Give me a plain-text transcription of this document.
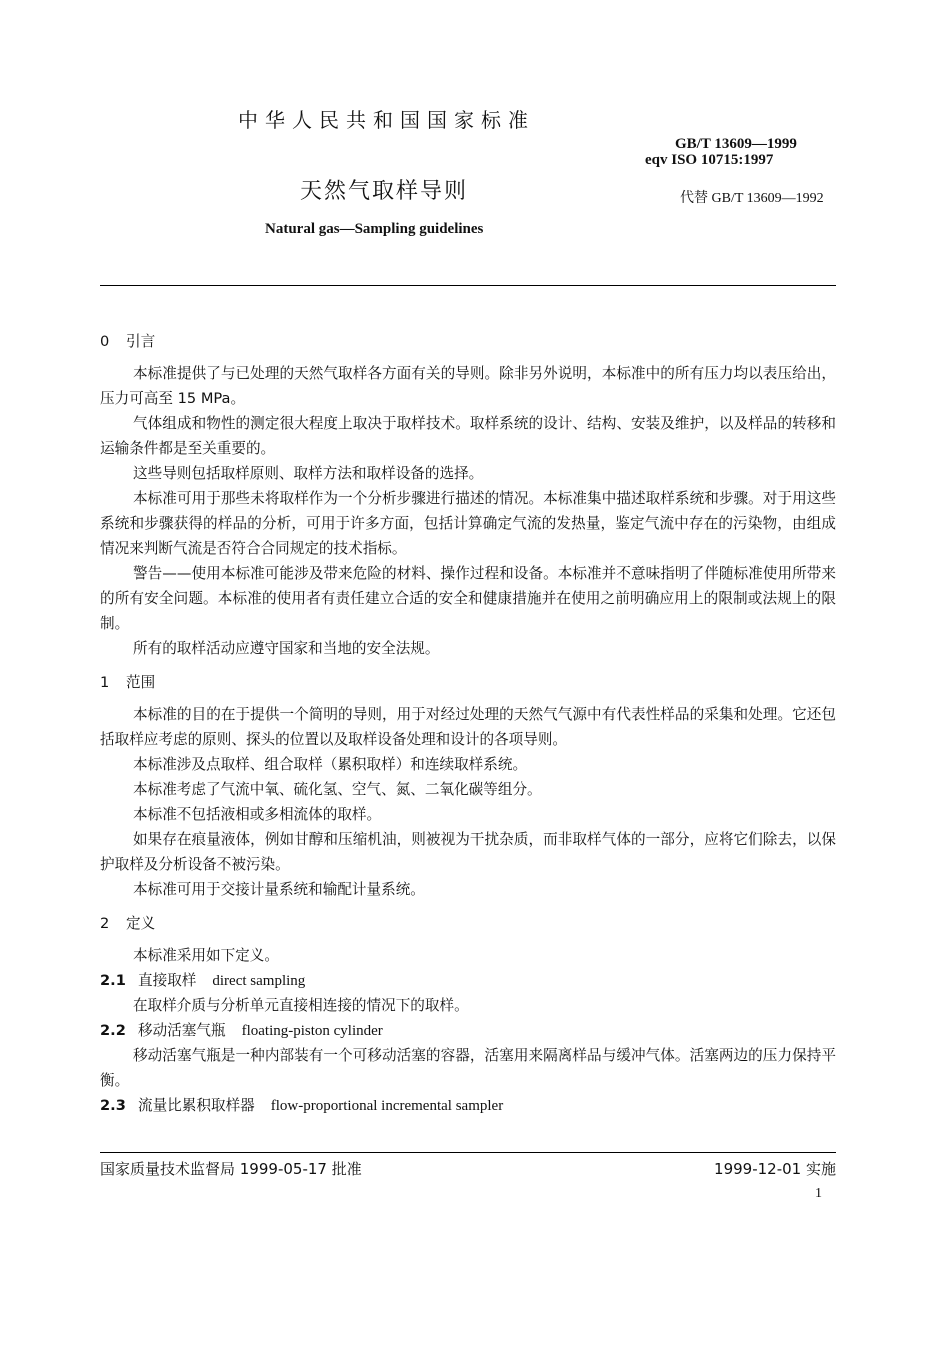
中华人民共和国国家标准
GB/T 13609—1999
eqv ISO 10715:1997
天然气取样导则	代替 GB/T 13609—1992
Natural gas—Sampling guidelines
0 引言

本标准提供了与已处理的天然气取样各方面有关的导则。除非另外说明，本标准中的所有压力均以表压给出，压力可高至 15 MPa。

气体组成和物性的测定很大程度上取决于取样技术。取样系统的设计、结构、安装及维护，以及样品的转移和运输条件都是至关重要的。

这些导则包括取样原则、取样方法和取样设备的选择。

本标准可用于那些未将取样作为一个分析步骤进行描述的情况。本标准集中描述取样系统和步骤。对于用这些系统和步骤获得的样品的分析，可用于许多方面，包括计算确定气流的发热量，鉴定气流中存在的污染物，由组成情况来判断气流是否符合合同规定的技术指标。

警告——使用本标准可能涉及带来危险的材料、操作过程和设备。本标准并不意味指明了伴随标准使用所带来的所有安全问题。本标准的使用者有责任建立合适的安全和健康措施并在使用之前明确应用上的限制或法规上的限制。

所有的取样活动应遵守国家和当地的安全法规。

1 范围

本标准的目的在于提供一个简明的导则，用于对经过处理的天然气气源中有代表性样品的采集和处理。它还包括取样应考虑的原则、探头的位置以及取样设备处理和设计的各项导则。

本标准涉及点取样、组合取样（累积取样）和连续取样系统。

本标准考虑了气流中氧、硫化氢、空气、氮、二氧化碳等组分。

本标准不包括液相或多相流体的取样。

如果存在痕量液体，例如甘醇和压缩机油，则被视为干扰杂质，而非取样气体的一部分，应将它们除去，以保护取样及分析设备不被污染。

本标准可用于交接计量系统和输配计量系统。

2 定义

本标准采用如下定义。

2.1 直接取样 direct sampling

在取样介质与分析单元直接相连接的情况下的取样。

2.2 移动活塞气瓶 floating-piston cylinder

移动活塞气瓶是一种内部装有一个可移动活塞的容器，活塞用来隔离样品与缓冲气体。活塞两边的压力保持平衡。

2.3 流量比累积取样器 flow-proportional incremental sampler
国家质量技术监督局 1999-05-17 批准	1999-12-01 实施
1
